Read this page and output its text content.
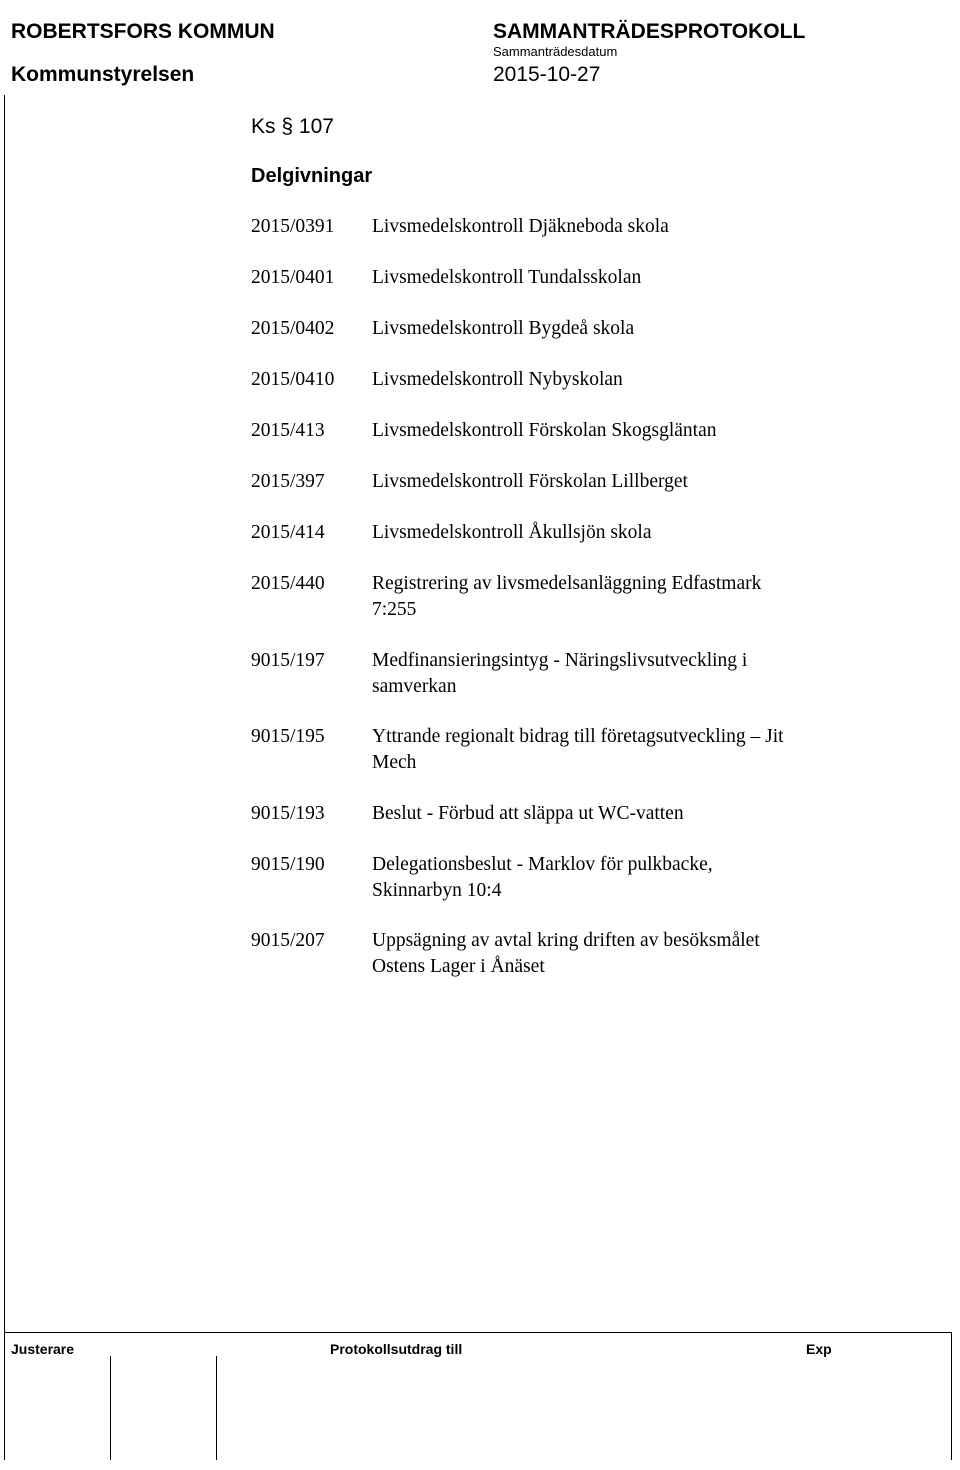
ROBERTSFORS KOMMUN
Kommunstyrelsen
SAMMANTRÄDESPROTOKOLL
Sammanträdesdatum
2015-10-27
Ks § 107
Delgivningar
2015/0391 Livsmedelskontroll Djäkneboda skola
2015/0401 Livsmedelskontroll Tundalsskolan
2015/0402 Livsmedelskontroll Bygdeå skola
2015/0410 Livsmedelskontroll Nybyskolan
2015/413 Livsmedelskontroll Förskolan Skogsgläntan
2015/397 Livsmedelskontroll Förskolan Lillberget
2015/414 Livsmedelskontroll Åkullsjön skola
2015/440 Registrering av livsmedelsanläggning Edfastmark
7:255
9015/197 Medfinansieringsintyg - Näringslivsutveckling i
samverkan
9015/195 Yttrande regionalt bidrag till företagsutveckling – Jit
Mech
9015/193 Beslut - Förbud att släppa ut WC-vatten
9015/190 Delegationsbeslut - Marklov för pulkbacke,
Skinnarbyn 10:4
9015/207 Uppsägning av avtal kring driften av besöksmålet
Ostens Lager i Ånäset
Justerare	Protokollsutdrag till	Exp
